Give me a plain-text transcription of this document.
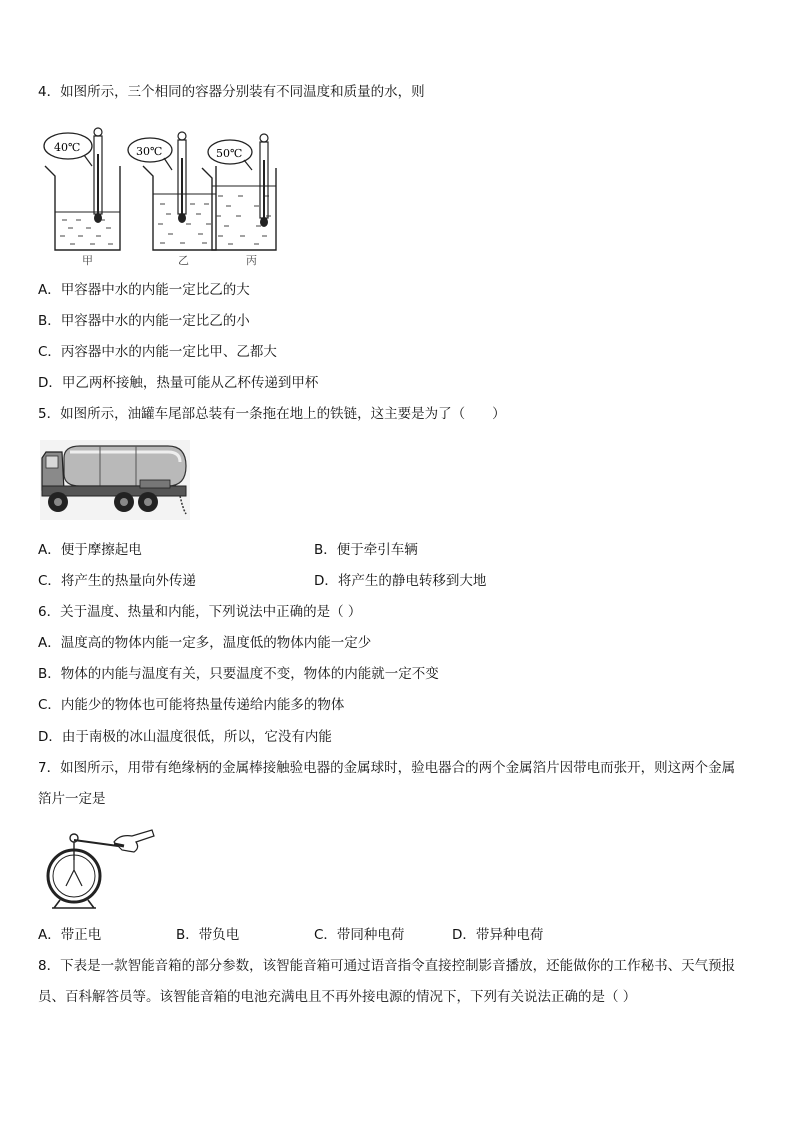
4．如图所示，三个相同的容器分别装有不同温度和质量的水，则
40℃	30℃	50℃
甲	乙	丙
A．甲容器中水的内能一定比乙的大
B．甲容器中水的内能一定比乙的小
C．丙容器中水的内能一定比甲、乙都大
D．甲乙两杯接触，热量可能从乙杯传递到甲杯
5．如图所示，油罐车尾部总装有一条拖在地上的铁链，这主要是为了（　　）
A．便于摩擦起电	B．便于牵引车辆
C．将产生的热量向外传递	D．将产生的静电转移到大地
6．关于温度、热量和内能，下列说法中正确的是（ ）
A．温度高的物体内能一定多，温度低的物体内能一定少
B．物体的内能与温度有关，只要温度不变，物体的内能就一定不变
C．内能少的物体也可能将热量传递给内能多的物体
D．由于南极的冰山温度很低，所以，它没有内能
7．如图所示，用带有绝缘柄的金属棒接触验电器的金属球时，验电器合的两个金属箔片因带电而张开，则这两个金属
箔片一定是
A．带正电	B．带负电	C．带同种电荷	D．带异种电荷
8．下表是一款智能音箱的部分参数，该智能音箱可通过语音指令直接控制影音播放，还能做你的工作秘书、天气预报
员、百科解答员等。该智能音箱的电池充满电且不再外接电源的情况下，下列有关说法正确的是（ ）
